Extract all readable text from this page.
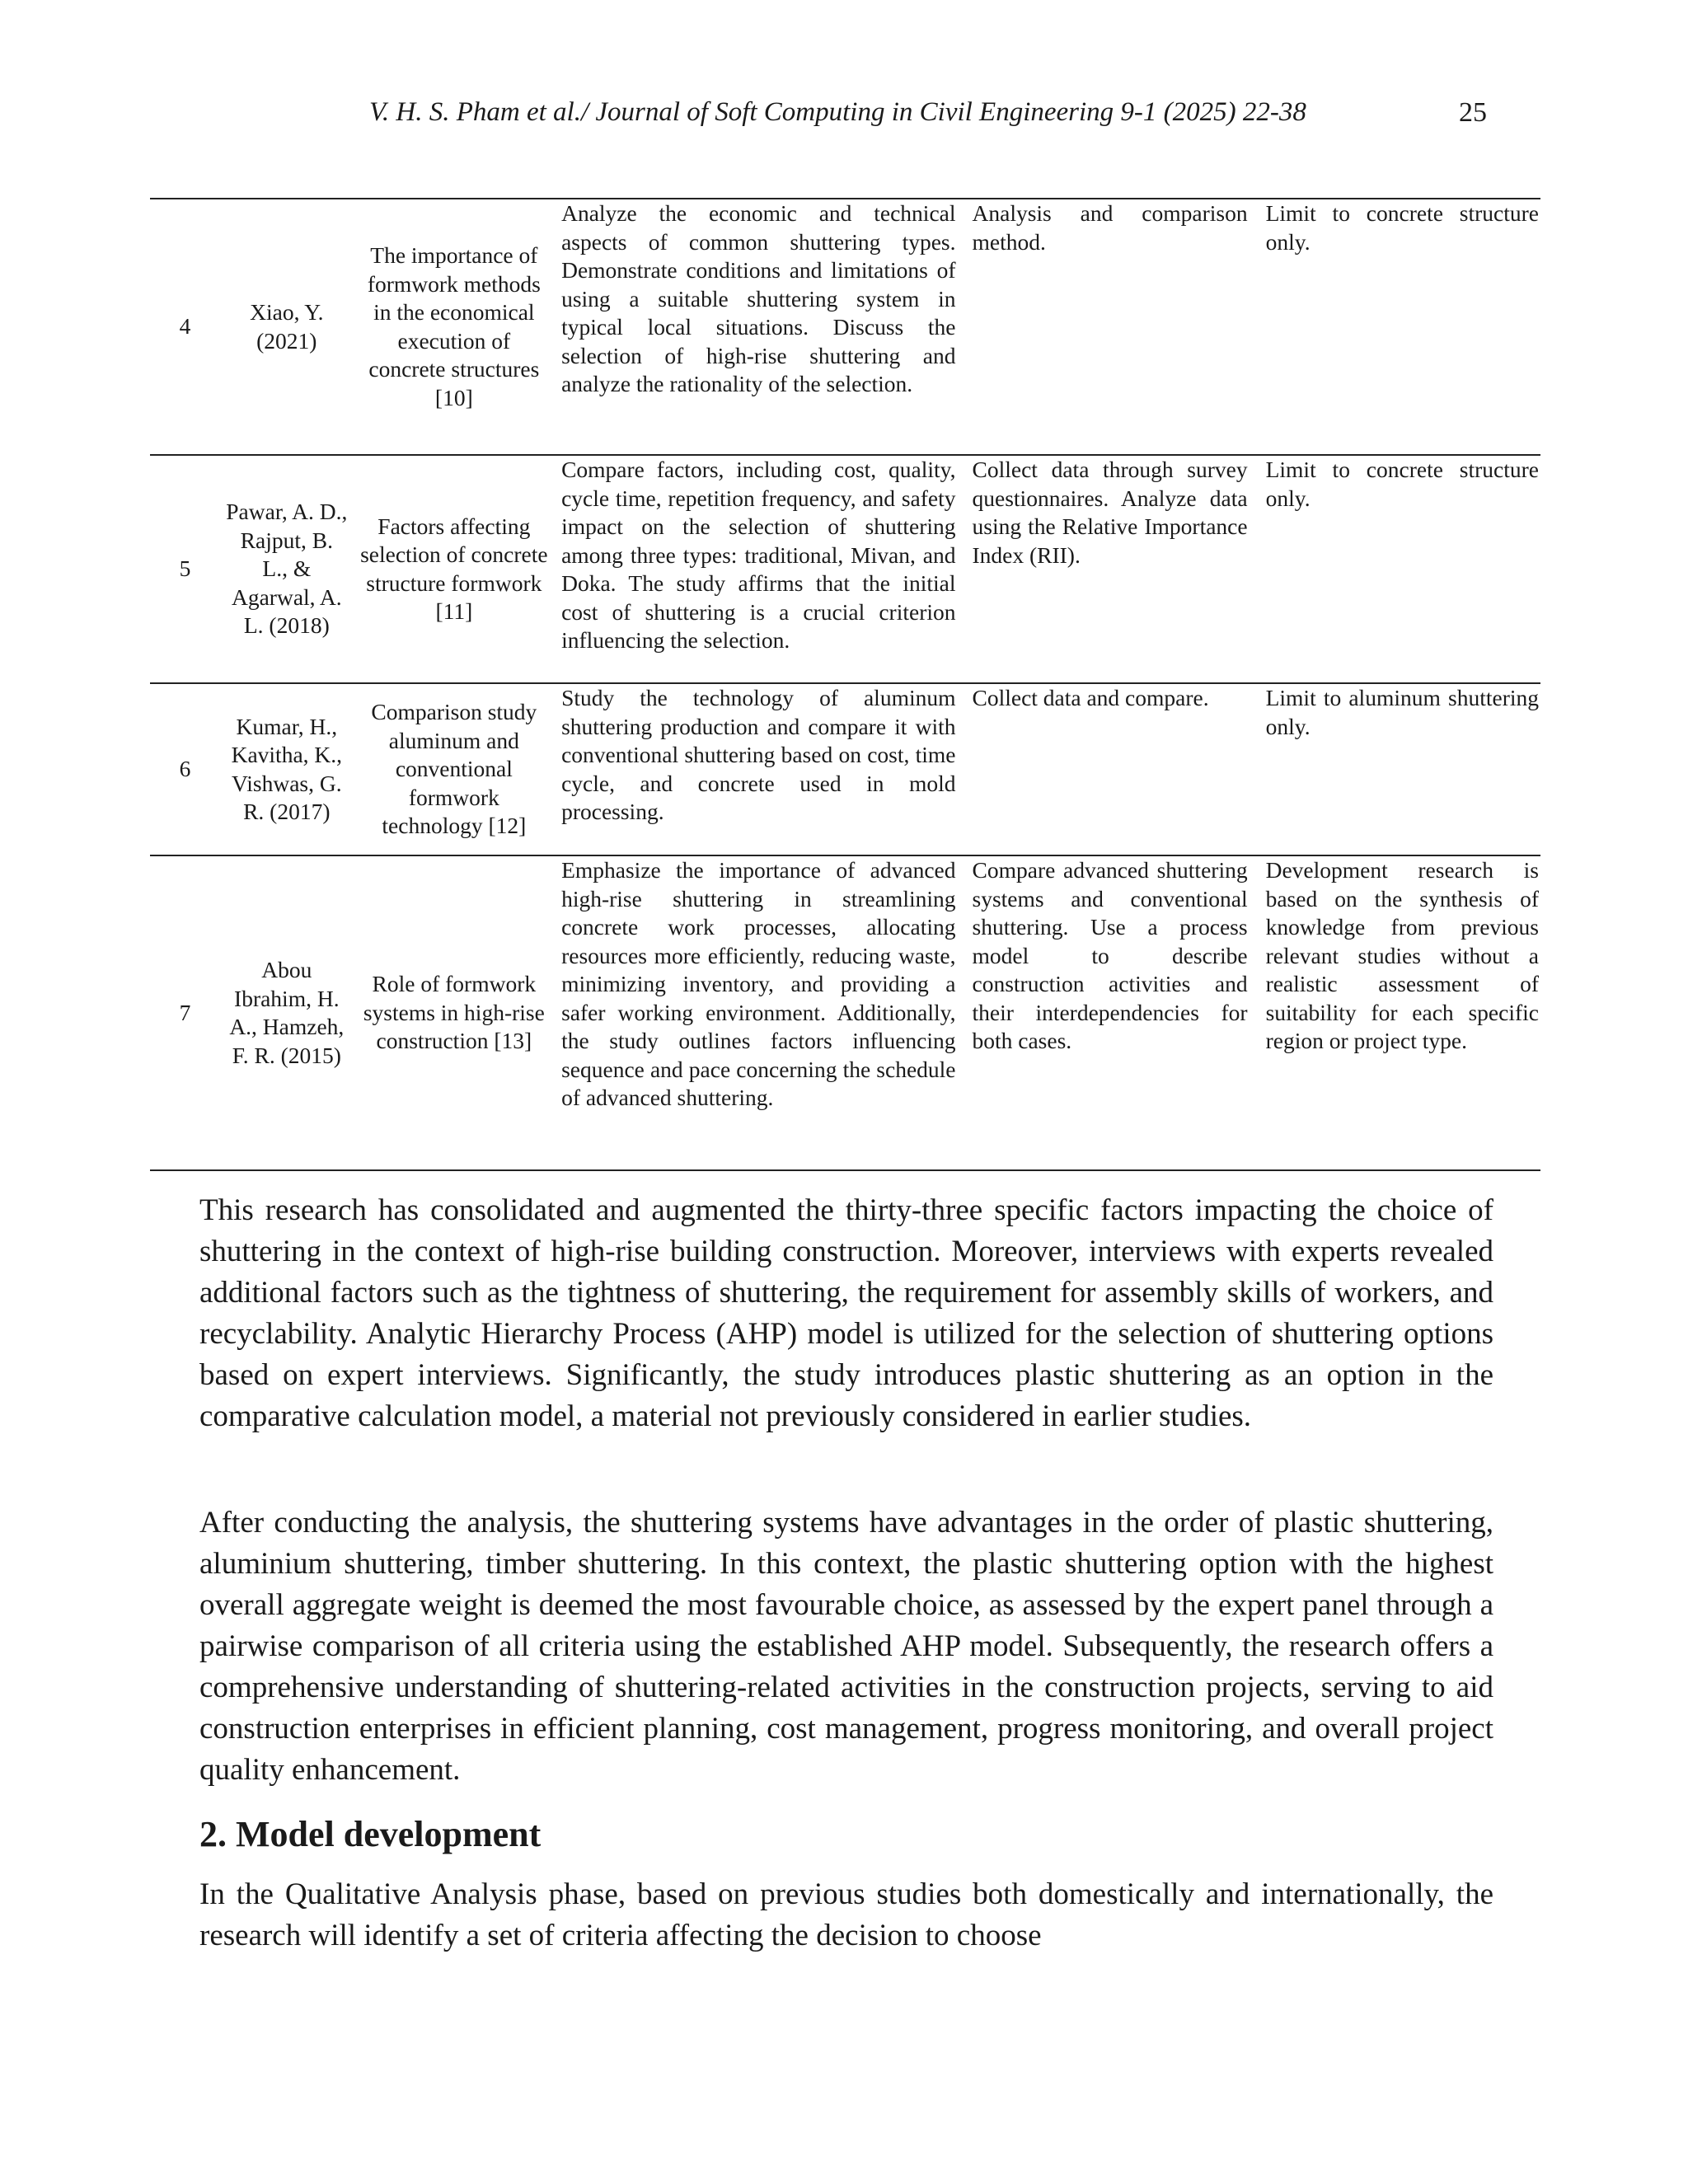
V. H. S. Pham et al./ Journal of Soft Computing in Civil Engineering 9-1 (2025) 22-38	25
4	Xiao, Y. (2021)	The importance of formwork methods in the economical execution of concrete structures [10]	Analyze the economic and technical aspects of common shuttering types. Demonstrate conditions and limitations of using a suitable shuttering system in typical local situations. Discuss the selection of high-rise shuttering and analyze the rationality of the selection.	Analysis and comparison method.	Limit to concrete structure only.
5	Pawar, A. D., Rajput, B. L., & Agarwal, A. L. (2018)	Factors affecting selection of concrete structure formwork [11]	Compare factors, including cost, quality, cycle time, repetition frequency, and safety impact on the selection of shuttering among three types: traditional, Mivan, and Doka. The study affirms that the initial cost of shuttering is a crucial criterion influencing the selection.	Collect data through survey questionnaires. Analyze data using the Relative Importance Index (RII).	Limit to concrete structure only.
6	Kumar, H., Kavitha, K., Vishwas, G. R. (2017)	Comparison study aluminum and conventional formwork technology [12]	Study the technology of aluminum shuttering production and compare it with conventional shuttering based on cost, time cycle, and concrete used in mold processing.	Collect data and compare.	Limit to aluminum shuttering only.
7	Abou Ibrahim, H. A., Hamzeh, F. R. (2015)	Role of formwork systems in high-rise construction [13]	Emphasize the importance of advanced high-rise shuttering in streamlining concrete work processes, allocating resources more efficiently, reducing waste, minimizing inventory, and providing a safer working environment. Additionally, the study outlines factors influencing sequence and pace concerning the schedule of advanced shuttering.	Compare advanced shuttering systems and conventional shuttering. Use a process model to describe construction activities and their interdependencies for both cases.	Development research is based on the synthesis of knowledge from previous relevant studies without a realistic assessment of suitability for each specific region or project type.

This research has consolidated and augmented the thirty-three specific factors impacting the choice of shuttering in the context of high-rise building construction. Moreover, interviews with experts revealed additional factors such as the tightness of shuttering, the requirement for assembly skills of workers, and recyclability. Analytic Hierarchy Process (AHP) model is utilized for the selection of shuttering options based on expert interviews. Significantly, the study introduces plastic shuttering as an option in the comparative calculation model, a material not previously considered in earlier studies.

After conducting the analysis, the shuttering systems have advantages in the order of plastic shuttering, aluminium shuttering, timber shuttering. In this context, the plastic shuttering option with the highest overall aggregate weight is deemed the most favourable choice, as assessed by the expert panel through a pairwise comparison of all criteria using the established AHP model. Subsequently, the research offers a comprehensive understanding of shuttering-related activities in the construction projects, serving to aid construction enterprises in efficient planning, cost management, progress monitoring, and overall project quality enhancement.

2. Model development

In the Qualitative Analysis phase, based on previous studies both domestically and internationally, the research will identify a set of criteria affecting the decision to choose
